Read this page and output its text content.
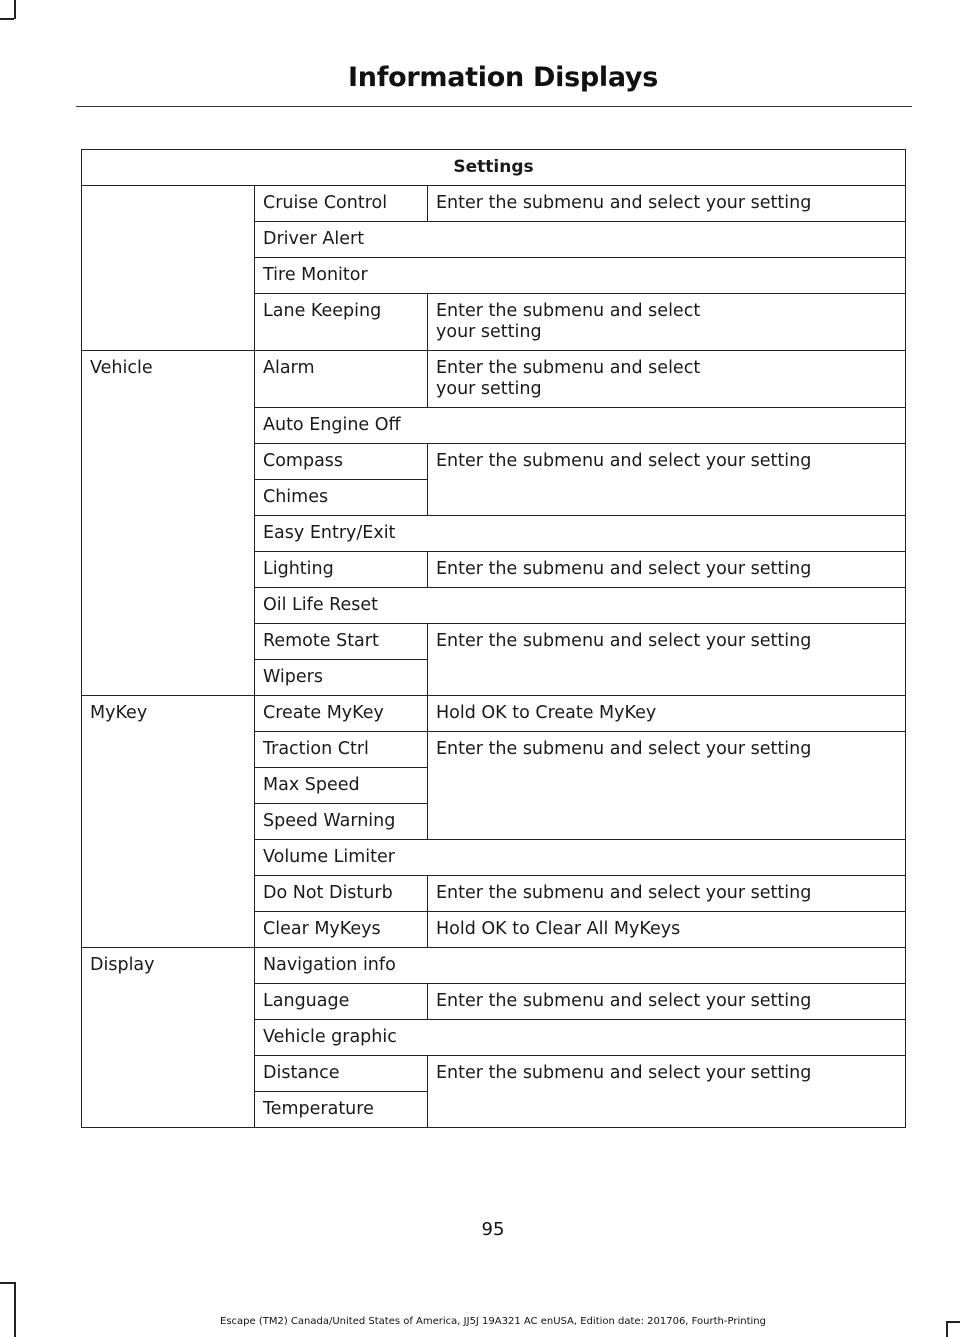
Information Displays
Settings		
	Cruise Control	Enter the submenu and select your setting
	Driver Alert	
	Tire Monitor	
	Lane Keeping	Enter the submenu and select
your setting
Vehicle	Alarm	Enter the submenu and select
your setting
	Auto Engine Off	
	Compass	Enter the submenu and select your setting
	Chimes	
	Easy Entry/Exit	
	Lighting	Enter the submenu and select your setting
	Oil Life Reset	
	Remote Start	Enter the submenu and select your setting
	Wipers	
MyKey	Create MyKey	Hold OK to Create MyKey
	Traction Ctrl	Enter the submenu and select your setting
	Max Speed	
	Speed Warning	
	Volume Limiter	
	Do Not Disturb	Enter the submenu and select your setting
	Clear MyKeys	Hold OK to Clear All MyKeys
Display	Navigation info	
	Language	Enter the submenu and select your setting
	Vehicle graphic	
	Distance	Enter the submenu and select your setting
	Temperature	
95
Escape (TM2) Canada/United States of America, JJ5J 19A321 AC enUSA, Edition date: 201706, Fourth-Printing
